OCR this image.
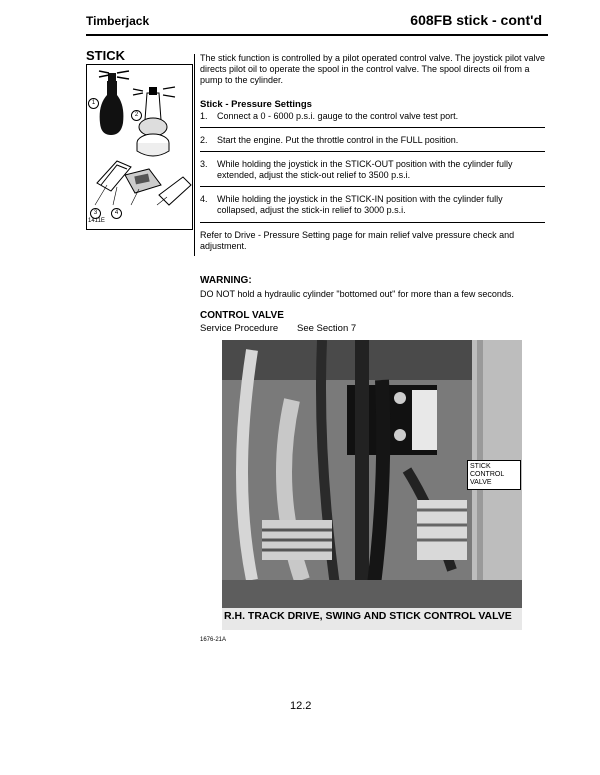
Timberjack	608FB stick - cont'd
STICK
1
2
3	4
1411E
The stick function is controlled by a pilot operated control valve. The joystick pilot valve directs pilot oil to operate the spool in the control valve. The spool directs oil from a pump to the cylinder.
Stick - Pressure Settings
1. Connect a 0 - 6000 p.s.i. gauge to the control valve test port.
2. Start the engine. Put the throttle control in the FULL position.
3. While holding the joystick in the STICK-OUT position with the cylinder fully extended, adjust the stick-out relief to 3500 p.s.i.
4. While holding the joystick in the STICK-IN position with the cylinder fully collapsed, adjust the stick-in relief to 3000 p.s.i.
Refer to Drive - Pressure Setting page for main relief valve pressure check and adjustment.
WARNING:
DO NOT hold a hydraulic cylinder "bottomed out" for more than a few seconds.
CONTROL VALVE
Service Procedure See Section 7
STICK
CONTROL
VALVE
R.H. TRACK DRIVE, SWING AND STICK CONTROL VALVE
1676-21A
12.2
